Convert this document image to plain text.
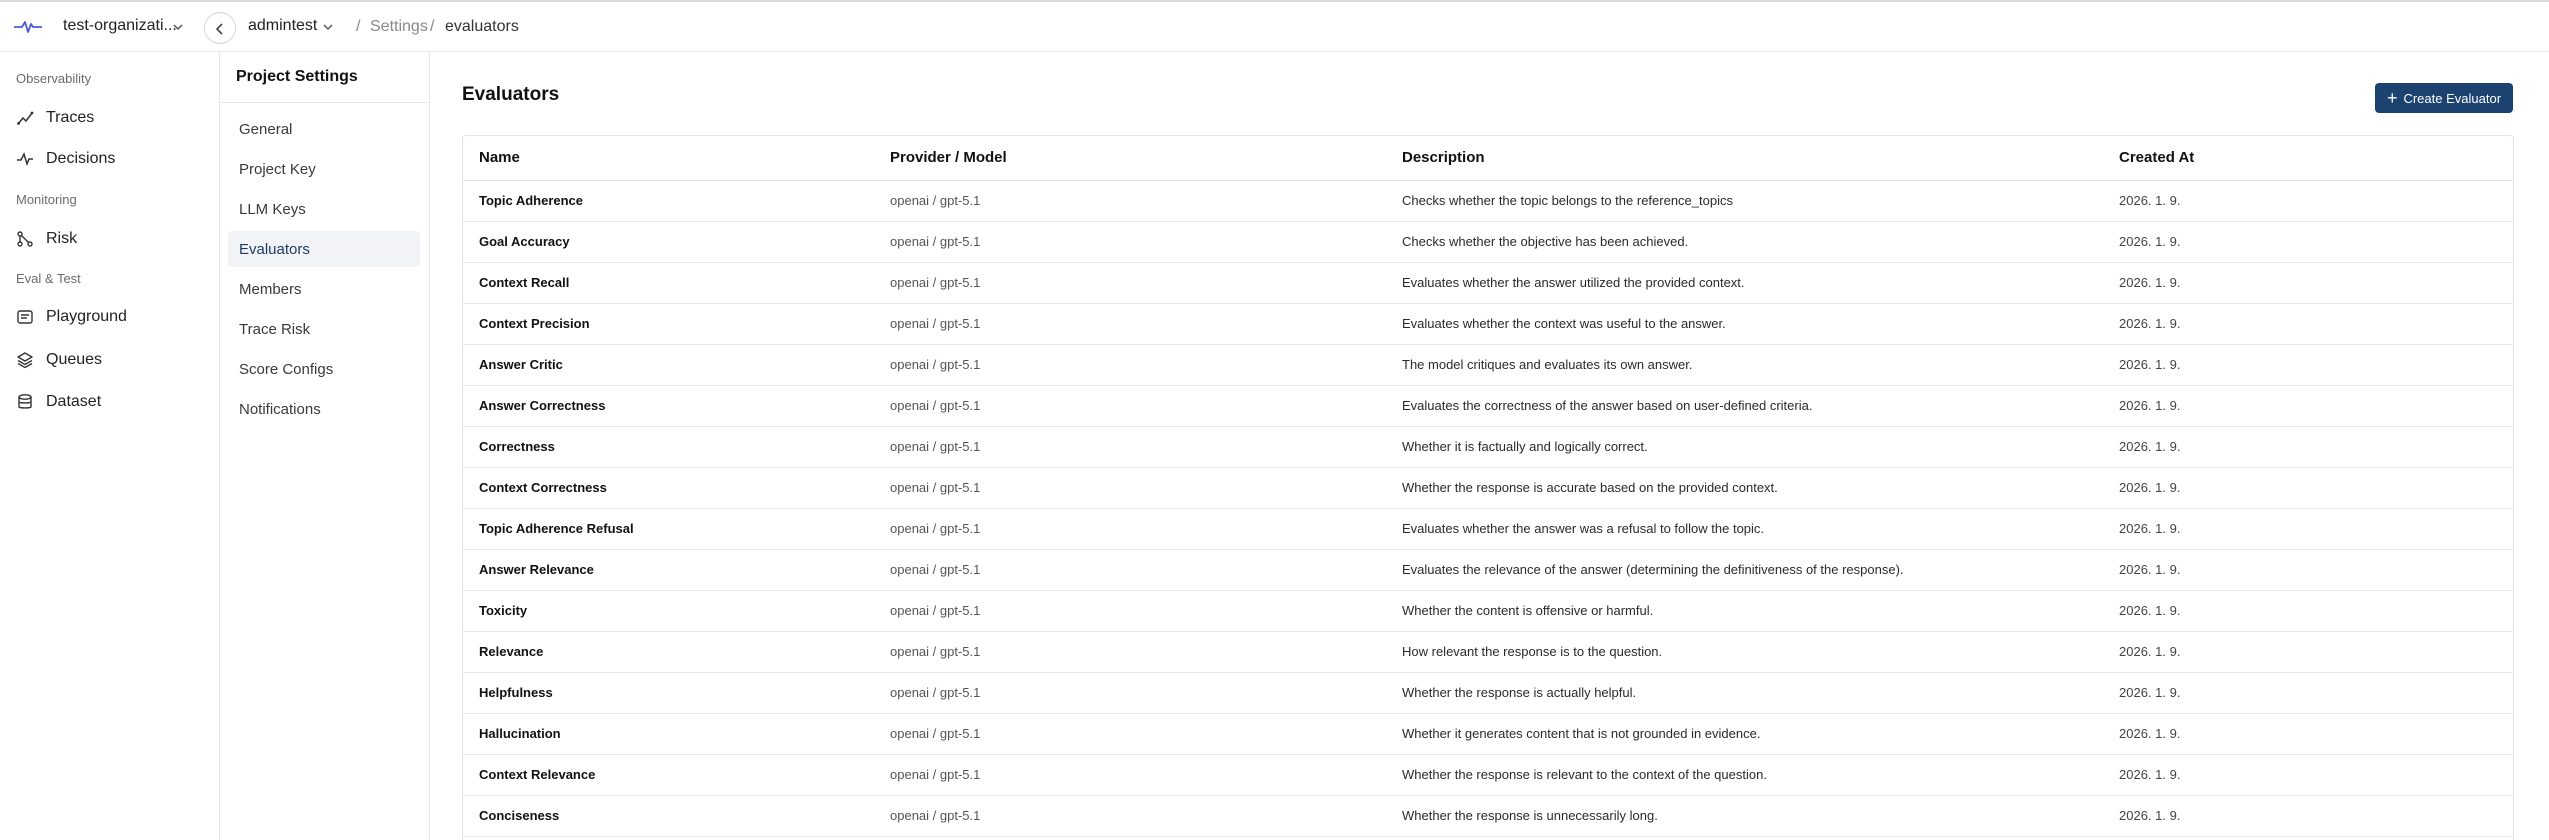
test-organizati...	admintest / Settings / evaluators
Observability
Traces
Decisions
Monitoring
Risk
Eval & Test
Playground
Queues
Dataset
Project Settings
General
Project Key
LLM Keys
Evaluators
Members
Trace Risk
Score Configs
Notifications
Evaluators	+ Create Evaluator
Name	Provider / Model	Description	Created At
Topic Adherence	openai / gpt-5.1	Checks whether the topic belongs to the reference_topics	2026. 1. 9.
Goal Accuracy	openai / gpt-5.1	Checks whether the objective has been achieved.	2026. 1. 9.
Context Recall	openai / gpt-5.1	Evaluates whether the answer utilized the provided context.	2026. 1. 9.
Context Precision	openai / gpt-5.1	Evaluates whether the context was useful to the answer.	2026. 1. 9.
Answer Critic	openai / gpt-5.1	The model critiques and evaluates its own answer.	2026. 1. 9.
Answer Correctness	openai / gpt-5.1	Evaluates the correctness of the answer based on user-defined criteria.	2026. 1. 9.
Correctness	openai / gpt-5.1	Whether it is factually and logically correct.	2026. 1. 9.
Context Correctness	openai / gpt-5.1	Whether the response is accurate based on the provided context.	2026. 1. 9.
Topic Adherence Refusal	openai / gpt-5.1	Evaluates whether the answer was a refusal to follow the topic.	2026. 1. 9.
Answer Relevance	openai / gpt-5.1	Evaluates the relevance of the answer (determining the definitiveness of the response).	2026. 1. 9.
Toxicity	openai / gpt-5.1	Whether the content is offensive or harmful.	2026. 1. 9.
Relevance	openai / gpt-5.1	How relevant the response is to the question.	2026. 1. 9.
Helpfulness	openai / gpt-5.1	Whether the response is actually helpful.	2026. 1. 9.
Hallucination	openai / gpt-5.1	Whether it generates content that is not grounded in evidence.	2026. 1. 9.
Context Relevance	openai / gpt-5.1	Whether the response is relevant to the context of the question.	2026. 1. 9.
Conciseness	openai / gpt-5.1	Whether the response is unnecessarily long.	2026. 1. 9.
